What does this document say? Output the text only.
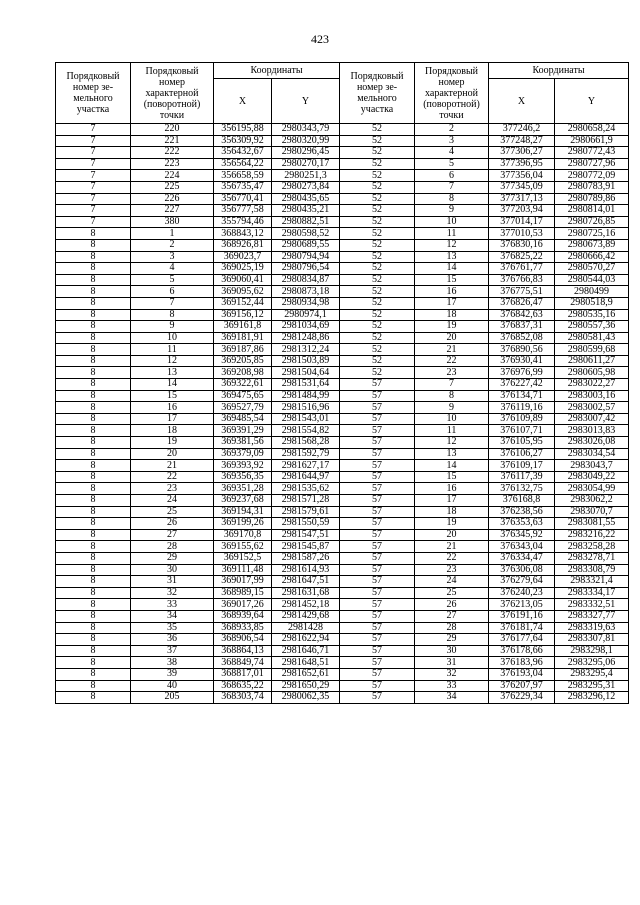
423
Порядковый номер зе-мельного участка	Порядковый номер характерной (поворотной) точки	Координаты		Порядковый номер зе-мельного участка	Порядковый номер характерной (поворотной) точки	Координаты	
		X	Y			X	Y
7	220	356195,88	2980343,79	52	2	377246,2	2980658,24
7	221	356309,92	2980320,99	52	3	377248,27	2980661,9
7	222	356432,67	2980296,45	52	4	377306,27	2980772,43
7	223	356564,22	2980270,17	52	5	377396,95	2980727,96
7	224	356658,59	2980251,3	52	6	377356,04	2980772,09
7	225	356735,47	2980273,84	52	7	377345,09	2980783,91
7	226	356770,41	2980435,65	52	8	377317,13	2980789,86
7	227	356777,58	2980435,21	52	9	377203,94	2980814,01
7	380	355794,46	2980882,51	52	10	377014,17	2980726,85
8	1	368843,12	2980598,52	52	11	377010,53	2980725,16
8	2	368926,81	2980689,55	52	12	376830,16	2980673,89
8	3	369023,7	2980794,94	52	13	376825,22	2980666,42
8	4	369025,19	2980796,54	52	14	376761,77	2980570,27
8	5	369060,41	2980834,87	52	15	376766,83	2980544,03
8	6	369095,62	2980873,18	52	16	376775,51	2980499
8	7	369152,44	2980934,98	52	17	376826,47	2980518,9
8	8	369156,12	2980974,1	52	18	376842,63	2980535,16
8	9	369161,8	2981034,69	52	19	376837,31	2980557,36
8	10	369181,91	2981248,86	52	20	376852,08	2980581,43
8	11	369187,86	2981312,24	52	21	376890,56	2980599,68
8	12	369205,85	2981503,89	52	22	376930,41	2980611,27
8	13	369208,98	2981504,64	52	23	376976,99	2980605,98
8	14	369322,61	2981531,64	57	7	376227,42	2983022,27
8	15	369475,65	2981484,99	57	8	376134,71	2983003,16
8	16	369527,79	2981516,96	57	9	376119,16	2983002,57
8	17	369485,54	2981543,01	57	10	376109,89	2983007,42
8	18	369391,29	2981554,82	57	11	376107,71	2983013,83
8	19	369381,56	2981568,28	57	12	376105,95	2983026,08
8	20	369379,09	2981592,79	57	13	376106,27	2983034,54
8	21	369393,92	2981627,17	57	14	376109,17	2983043,7
8	22	369356,35	2981644,97	57	15	376117,39	2983049,22
8	23	369351,28	2981535,62	57	16	376132,75	2983054,99
8	24	369237,68	2981571,28	57	17	376168,8	2983062,2
8	25	369194,31	2981579,61	57	18	376238,56	2983070,7
8	26	369199,26	2981550,59	57	19	376353,63	2983081,55
8	27	369170,8	2981547,51	57	20	376345,92	2983216,22
8	28	369155,62	2981545,87	57	21	376343,04	2983258,28
8	29	369152,5	2981587,26	57	22	376334,47	2983278,71
8	30	369111,48	2981614,93	57	23	376306,08	2983308,79
8	31	369017,99	2981647,51	57	24	376279,64	2983321,4
8	32	368989,15	2981631,68	57	25	376240,23	2983334,17
8	33	369017,26	2981452,18	57	26	376213,05	2983332,51
8	34	368939,64	2981429,68	57	27	376191,16	2983327,77
8	35	368933,85	2981428	57	28	376181,74	2983319,63
8	36	368906,54	2981622,94	57	29	376177,64	2983307,81
8	37	368864,13	2981646,71	57	30	376178,66	2983298,1
8	38	368849,74	2981648,51	57	31	376183,96	2983295,06
8	39	368817,01	2981652,61	57	32	376193,04	2983295,4
8	40	368635,22	2981650,29	57	33	376207,97	2983295,31
8	205	368303,74	2980062,35	57	34	376229,34	2983296,12
